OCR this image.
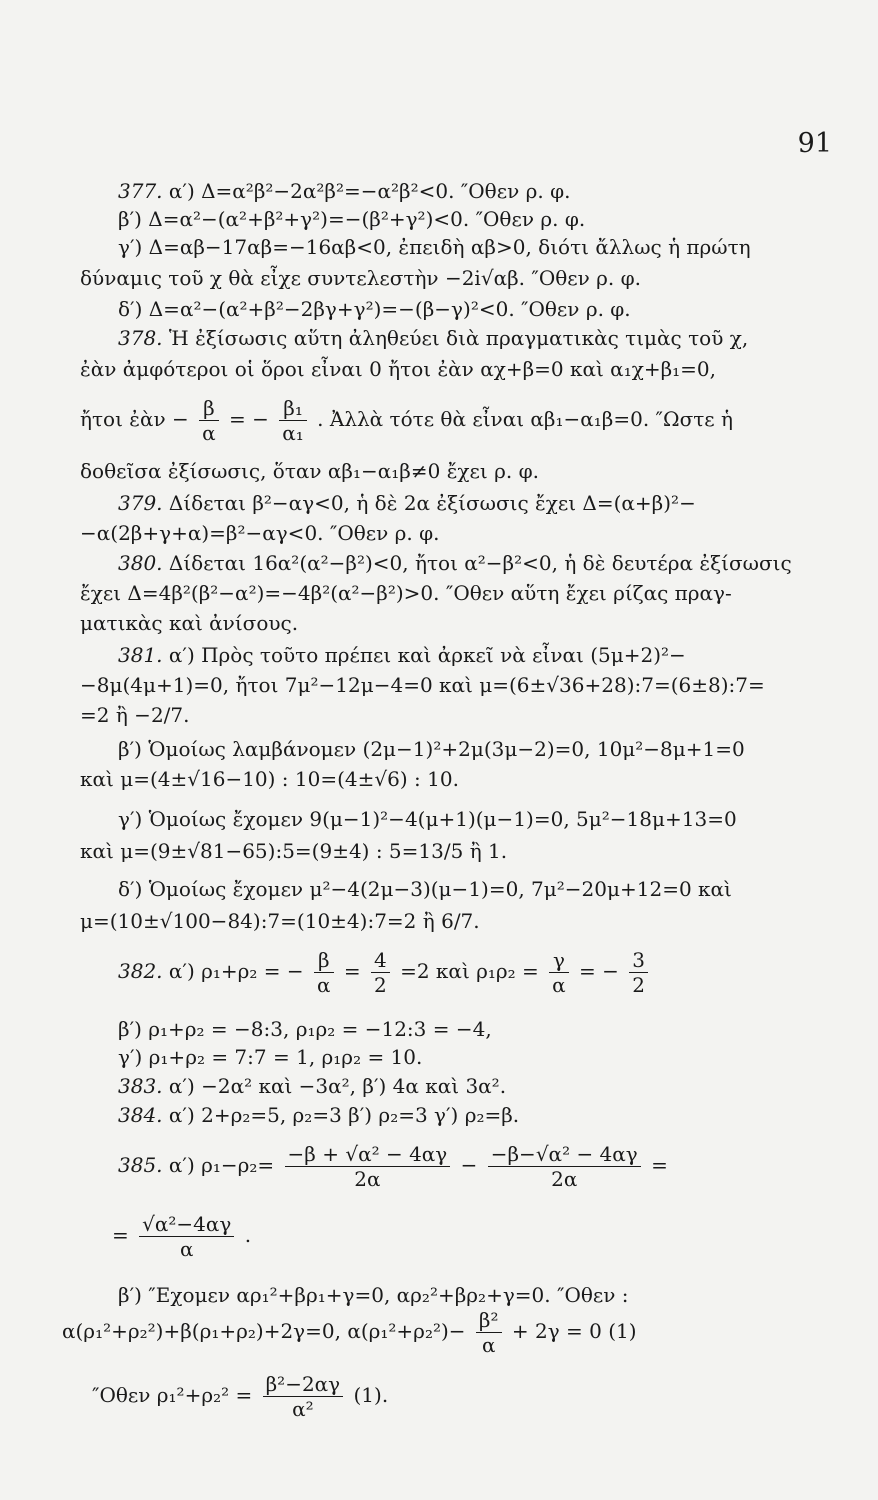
91
377. α′) Δ=α²β²−2α²β²=−α²β²<0. ″Οθεν ρ. φ.
β′) Δ=α²−(α²+β²+γ²)=−(β²+γ²)<0. ″Οθεν ρ. φ.
γ′) Δ=αβ−17αβ=−16αβ<0, ἐπειδὴ αβ>0, διότι ἄλλως ἡ πρώτη
δύναμις τοῦ χ θὰ εἶχε συντελεστὴν −2i√αβ. ″Οθεν ρ. φ.
δ′) Δ=α²−(α²+β²−2βγ+γ²)=−(β−γ)²<0. ″Οθεν ρ. φ.
378. Ἡ ἐξίσωσις αὕτη ἀληθεύει διὰ πραγματικὰς τιμὰς τοῦ χ,
ἐὰν ἀμφότεροι οἱ ὅροι εἶναι 0 ἤτοι ἐὰν αχ+β=0 καὶ α₁χ+β₁=0,
ἤτοι ἐὰν − $\frac{\beta}{\alpha}$ = − $\frac{\text{β₁}}{\text{α₁}}$ . Ἀλλὰ τότε θὰ εἶναι αβ₁−α₁β=0. ″Ωστε ἡ
δοθεῖσα ἐξίσωσις, ὅταν αβ₁−α₁β≠0 ἔχει ρ. φ.
379. Δίδεται β²−αγ<0, ἡ δὲ 2α ἐξίσωσις ἔχει Δ=(α+β)²−
−α(2β+γ+α)=β²−αγ<0. ″Οθεν ρ. φ.
380. Δίδεται 16α²(α²−β²)<0, ἤτοι α²−β²<0, ἡ δὲ δευτέρα ἐξίσωσις
ἔχει Δ=4β²(β²−α²)=−4β²(α²−β²)>0. ″Οθεν αὕτη ἔχει ρίζας πραγ-
ματικὰς καὶ ἀνίσους.
381. α′) Πρὸς τοῦτο πρέπει καὶ ἀρκεῖ νὰ εἶναι (5μ+2)²−
−8μ(4μ+1)=0, ἤτοι 7μ²−12μ−4=0 καὶ μ=(6±√36+28):7=(6±8):7=
=2 ἢ −2/7.
β′) Ὁμοίως λαμβάνομεν (2μ−1)²+2μ(3μ−2)=0, 10μ²−8μ+1=0
καὶ μ=(4±√16−10) : 10=(4±√6) : 10.
γ′) Ὁμοίως ἔχομεν 9(μ−1)²−4(μ+1)(μ−1)=0, 5μ²−18μ+13=0
καὶ μ=(9±√81−65):5=(9±4) : 5=13/5 ἢ 1.
δ′) Ὁμοίως ἔχομεν μ²−4(2μ−3)(μ−1)=0, 7μ²−20μ+12=0 καὶ
μ=(10±√100−84):7=(10±4):7=2 ἢ 6/7.
382. α′) ρ₁+ρ₂ = − $\frac{\beta}{\alpha} = \frac{4}{2} =2$ καὶ $\rho_1\rho_2 = \frac{\gamma}{\alpha}$ = − $\frac{3}{2}$
β′) ρ₁+ρ₂ = −8:3, ρ₁ρ₂ = −12:3 = −4,
γ′) ρ₁+ρ₂ = 7:7 = 1, ρ₁ρ₂ = 10.
383. α′) −2α² καὶ −3α², β′) 4α καὶ 3α².
384. α′) 2+ρ₂=5, ρ₂=3 β′) ρ₂=3 γ′) ρ₂=β.
385. α′) $\rho_1-\rho_2= \frac{\text{−β + √α² − 4αγ}}{2\alpha} - \frac{\text{−β−√α² − 4αγ}}{2\alpha}$ =
= $\frac{\text{√α²−4αγ}}{\alpha}$ .
β′) ″Εχομεν αρ₁²+βρ₁+γ=0, αρ₂²+βρ₂+γ=0. ″Οθεν :
α(ρ₁²+ρ₂²)+β(ρ₁+ρ₂)+2γ=0, $\alpha(\rho_1^2+\rho_2^2)- \frac{\text{β²}}{\alpha} + 2\gamma = 0$ (1)
″Οθεν $\rho_1^2+\rho_2^2 = \frac{\text{β²−2αγ}}{\text{α²}} (1)$.
